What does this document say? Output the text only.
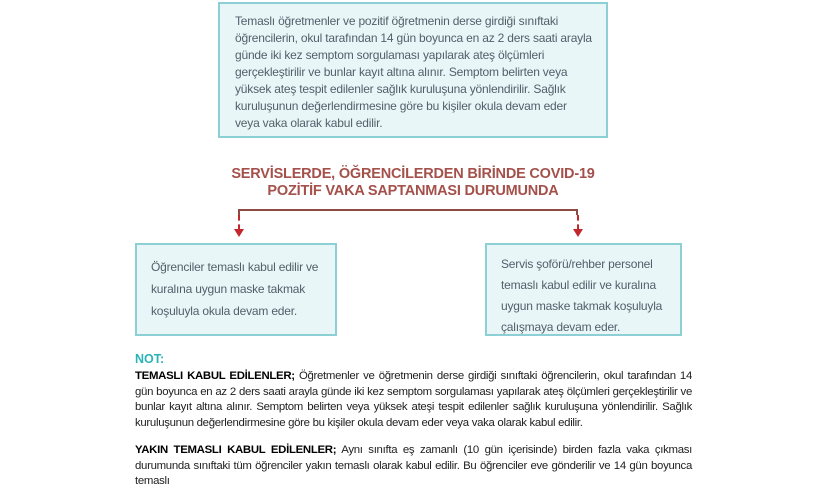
Temaslı öğretmenler ve pozitif öğretmenin derse girdiği sınıftaki öğrencilerin, okul tarafından 14 gün boyunca en az 2 ders saati arayla günde iki kez semptom sorgulaması yapılarak ateş ölçümleri gerçekleştirilir ve bunlar kayıt altına alınır. Semptom belirten veya yüksek ateş tespit edilenler sağlık kuruluşuna yönlendirilir. Sağlık kuruluşunun değerlendirmesine göre bu kişiler okula devam eder veya vaka olarak kabul edilir.
SERVİSLERDE, ÖĞRENCİLERDEN BİRİNDE COVID-19
POZİTİF VAKA SAPTANMASI DURUMUNDA
Öğrenciler temaslı kabul edilir ve kuralına uygun maske takmak koşuluyla okula devam eder.
Servis şoförü/rehber personel temaslı kabul edilir ve kuralına uygun maske takmak koşuluyla çalışmaya devam eder.
NOT:

TEMASLI KABUL EDİLENLER; Öğretmenler ve öğretmenin derse girdiği sınıftaki öğrencilerin, okul tarafından 14 gün boyunca en az 2 ders saati arayla günde iki kez semptom sorgulaması yapılarak ateş ölçümleri gerçekleştirilir ve bunlar kayıt altına alınır. Semptom belirten veya yüksek ateşi tespit edilenler sağlık kuruluşuna yönlendirilir. Sağlık kuruluşunun değerlendirmesine göre bu kişiler okula devam eder veya vaka olarak kabul edilir.

YAKIN TEMASLI KABUL EDİLENLER; Aynı sınıfta eş zamanlı (10 gün içerisinde) birden fazla vaka çıkması durumunda sınıftaki tüm öğrenciler yakın temaslı olarak kabul edilir. Bu öğrenciler eve gönderilir ve 14 gün boyunca temaslı
